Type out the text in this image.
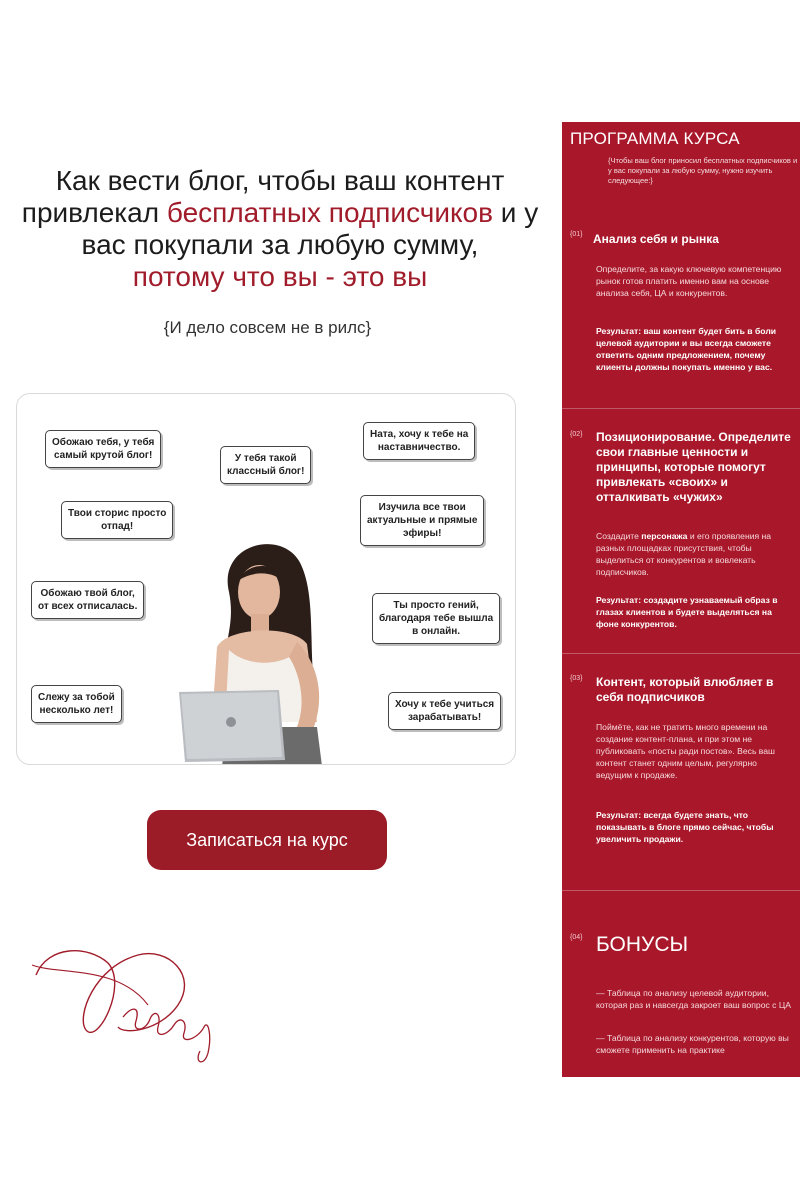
Как вести блог, чтобы ваш контент привлекал бесплатных подписчиков и у вас покупали за любую сумму,
потому что вы - это вы
{И дело совсем не в рилс}
Обожаю тебя, у тебя
самый крутой блог!	У тебя такой
классный блог!
Ната, хочу к тебе на
наставничество.
Твои сторис просто
отпад!
Изучила все твои
актуальные и прямые
эфиры!
Обожаю твой блог,
от всех отписалась.	Ты просто гений,
благодаря тебе вышла
в онлайн.
Слежу за тобой
несколько лет!
Хочу к тебе учиться
зарабатывать!
Записаться на курс
ПРОГРАММА КУРСА
{Чтобы ваш блог приносил бесплатных подписчиков и у вас покупали за любую сумму, нужно изучить следующее:}
{01} Анализ себя и рынка
Определите, за какую ключевую компетенцию рынок готов платить именно вам на основе анализа себя, ЦА и конкурентов.
Результат: ваш контент будет бить в боли целевой аудитории и вы всегда сможете ответить одним предложением, почему клиенты должны покупать именно у вас.
{02} Позиционирование. Определите свои главные ценности и принципы, которые помогут привлекать «своих» и отталкивать «чужих»
Создадите персонажа и его проявления на разных площадках присутствия, чтобы выделиться от конкурентов и вовлекать подписчиков.
Результат: создадите узнаваемый образ в глазах клиентов и будете выделяться на фоне конкурентов.
{03} Контент, который влюбляет в себя подписчиков
Поймёте, как не тратить много времени на создание контент-плана, и при этом не публиковать «посты ради постов». Весь ваш контент станет одним целым, регулярно ведущим к продаже.
Результат: всегда будете знать, что показывать в блоге прямо сейчас, чтобы увеличить продажи.
{04} БОНУСЫ
— Таблица по анализу целевой аудитории, которая раз и навсегда закроет ваш вопрос с ЦА
— Таблица по анализу конкурентов, которую вы сможете применить на практике
